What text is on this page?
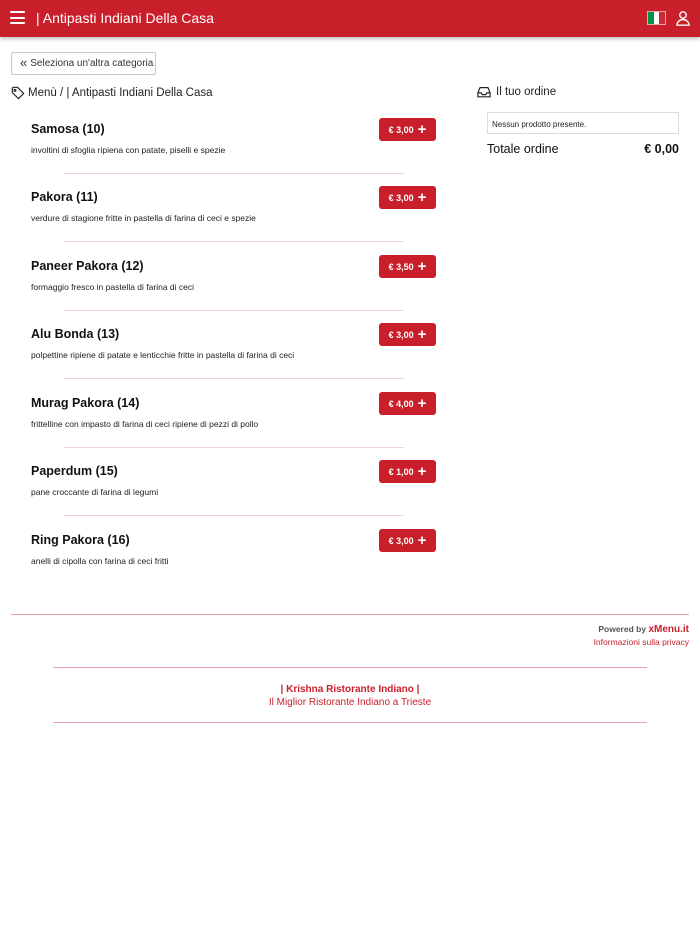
| Antipasti Indiani Della Casa
« Seleziona un'altra categoria
Menù / | Antipasti Indiani Della Casa
Samosa (10)
involtini di sfoglia ripiena con patate, piselli e spezie
€ 3,00 +
Pakora (11)
verdure di stagione fritte in pastella di farina di ceci e spezie
€ 3,00 +
Paneer Pakora (12)
formaggio fresco in pastella di farina di ceci
€ 3,50 +
Alu Bonda (13)
polpettine ripiene di patate e lenticchie fritte in pastella di farina di ceci
€ 3,00 +
Murag Pakora (14)
frittelline con impasto di farina di ceci ripiene di pezzi di pollo
€ 4,00 +
Paperdum (15)
pane croccante di farina di legumi
€ 1,00 +
Ring Pakora (16)
anelli di cipolla con farina di ceci fritti
€ 3,00 +
Il tuo ordine
Nessun prodotto presente.
Totale ordine	€ 0,00
Powered by xMenu.it
Informazioni sulla privacy
| Krishna Ristorante Indiano |
Il Miglior Ristorante Indiano a Trieste
